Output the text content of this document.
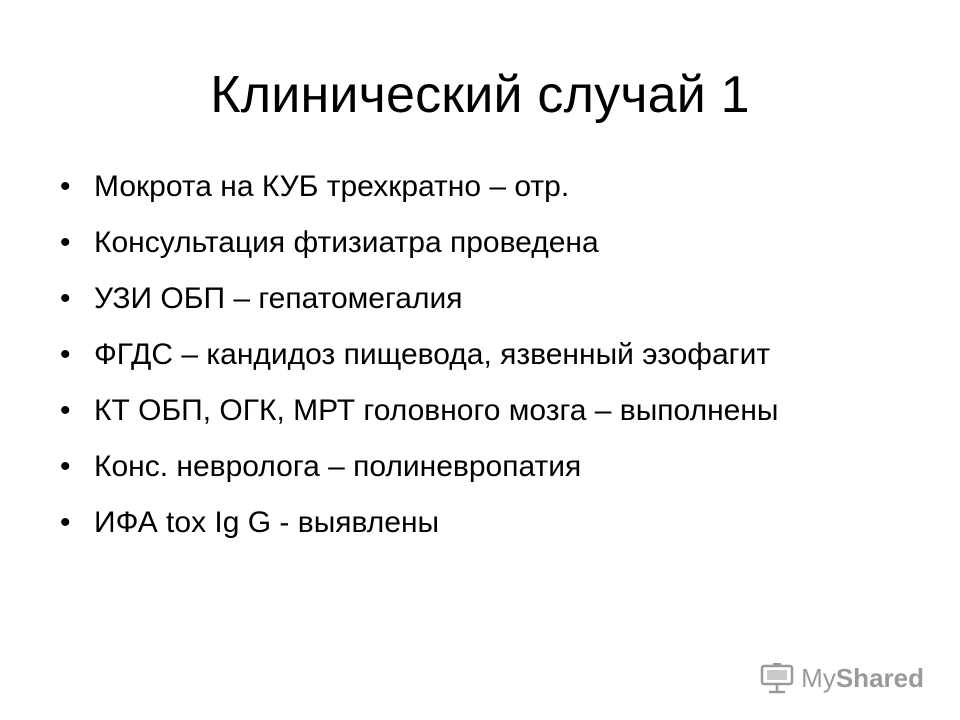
Клинический случай 1
• Мокрота на КУБ трехкратно – отр.
• Консультация фтизиатра проведена
• УЗИ ОБП – гепатомегалия
• ФГДС – кандидоз пищевода, язвенный эзофагит
• КТ ОБП, ОГК, МРТ головного мозга – выполнены
• Конс. невролога – полиневропатия
• ИФА tox Ig G - выявлены
MyShared
